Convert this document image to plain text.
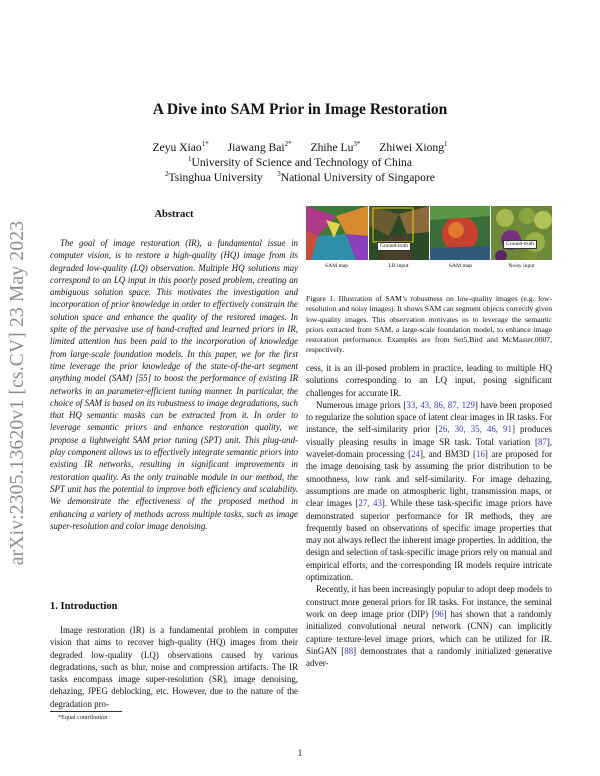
arXiv:2305.13620v1 [cs.CV] 23 May 2023
A Dive into SAM Prior in Image Restoration
Zeyu Xiao$^{1*}$ Jiawang Bai$^{2*}$ Zhihe $Lu^{3*}$ Zhiwei Xiong$^1$
$^1$University of Science and Technology of China
$^2$Tsinghua University $^3$National University of Singapore
Abstract

The goal of image restoration (IR), a fundamental issue in computer vision, is to restore a high-quality (HQ) image from its degraded low-quality (LQ) observation. Multiple HQ solutions may correspond to an LQ input in this poorly posed problem, creating an ambiguous solution space. This motivates the investigation and incorporation of prior knowledge in order to effectively constrain the solution space and enhance the quality of the restored images. In spite of the pervasive use of hand-crafted and learned priors in IR, limited attention has been paid to the incorporation of knowledge from large-scale foundation models. In this paper, we for the first time leverage the prior knowledge of the state-of-the-art segment anything model (SAM) [55] to boost the performance of existing IR networks in an parameter-efficient tuning manner. In particular, the choice of SAM is based on its robustness to image degradations, such that HQ semantic masks can be extracted from it. In order to leverage semantic priors and enhance restoration quality, we propose a lightweight SAM prior tuning (SPT) unit. This plug-and-play component allows us to effectively integrate semantic priors into existing IR networks, resulting in significant improvements in restoration quality. As the only trainable module in our method, the SPT unit has the potential to improve both efficiency and scalability. We demonstrate the effectiveness of the proposed method in enhancing a variety of methods across multiple tasks, such as image super-resolution and color image denoising.

1. Introduction

Image restoration (IR) is a fundamental problem in computer vision that aims to recover high-quality (HQ) images from their degraded low-quality (LQ) observations caused by various degradations, such as blur, noise and compression artifacts. The IR tasks encompass image super-resolution (SR), image denoising, dehazing, JPEG deblocking, etc. However, due to the nature of the degradation pro-

*Equal contribution
Ground-truth	Ground-truth
SAM map	LR input	SAM map	Noisy input
Figure 1. Illustration of SAM’s robustness on low-quality images (e.g. low-resolution and noisy images). It shows SAM can segment objects correctly given low-quality images. This observation motivates us to leverage the semantic priors extracted from SAM, a large-scale foundation model, to enhance image restoration performance. Examples are from Set5,Bird and McMaster,0007, respectively.

cess, it is an ill-posed problem in practice, leading to multiple HQ solutions corresponding to an LQ input, posing significant challenges for accurate IR.

Numerous image priors [33, 43, 86, 87, 129] have been proposed to regularize the solution space of latent clear images in IR tasks. For instance, the self-similarity prior [26, 30, 35, 46, 91] produces visually pleasing results in image SR task. Total variation [87], wavelet-domain processing [24], and BM3D [16] are proposed for the image denoising task by assuming the prior distribution to be smoothness, low rank and self-similarity. For image dehazing, assumptions are made on atmospheric light, transmission maps, or clear images [27, 43]. While these task-specific image priors have demonstrated superior performance for IR methods, they are frequently based on observations of specific image properties that may not always reflect the inherent image properties. In addition, the design and selection of task-specific image priors rely on manual and empirical efforts, and the corresponding IR models require intricate optimization.

Recently, it has been increasingly popular to adopt deep models to construct more general priors for IR tasks. For instance, the seminal work on deep image prior (DIP) [96] has shown that a randomly initialized convolutional neural network (CNN) can implicitly capture texture-level image priors, which can be utilized for IR. SinGAN [88] demonstrates that a randomly initialized generative adver-

1
